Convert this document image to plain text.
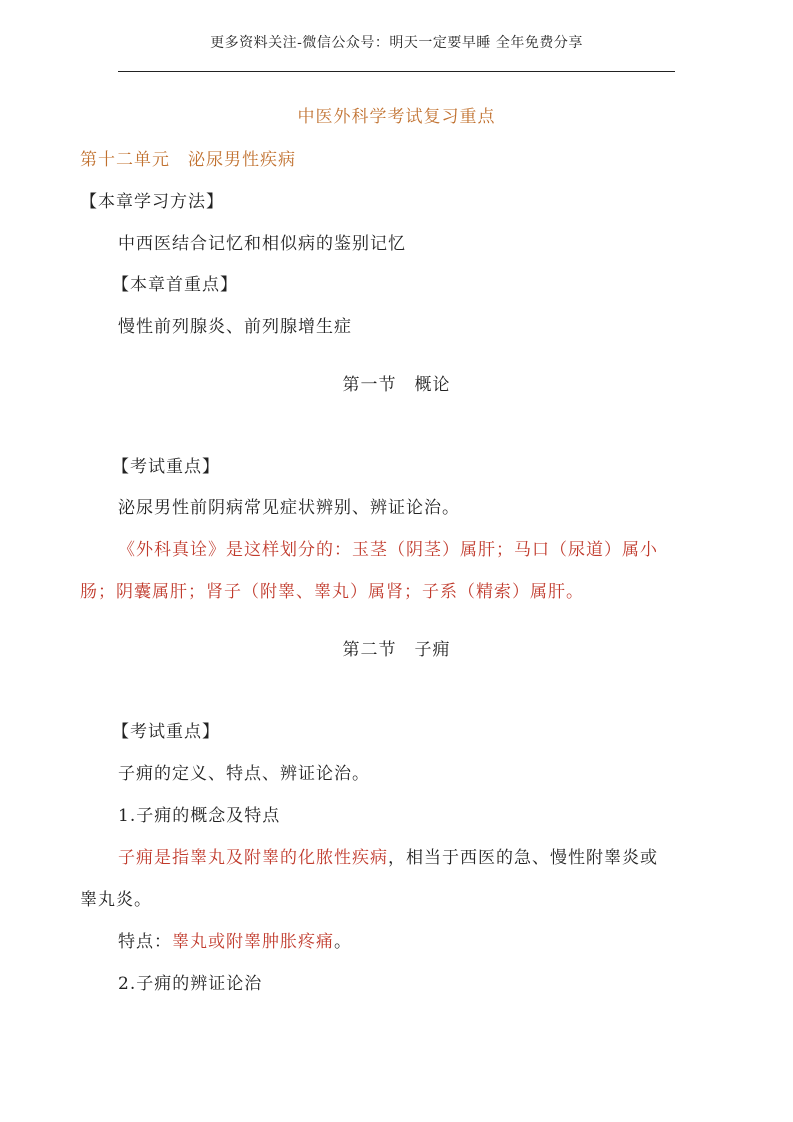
更多资料关注-微信公众号：明天一定要早睡 全年免费分享
中医外科学考试复习重点
第十二单元　泌尿男性疾病
【本章学习方法】
中西医结合记忆和相似病的鉴别记忆
【本章首重点】
慢性前列腺炎、前列腺增生症
第一节　概论
【考试重点】
泌尿男性前阴病常见症状辨别、辨证论治。
《外科真诠》是这样划分的：玉茎（阴茎）属肝；马口（尿道）属小
肠；阴囊属肝；肾子（附睾、睾丸）属肾；子系（精索）属肝。
第二节　子痈
【考试重点】
子痈的定义、特点、辨证论治。
1.子痈的概念及特点
子痈是指睾丸及附睾的化脓性疾病，相当于西医的急、慢性附睾炎或
睾丸炎。
特点：睾丸或附睾肿胀疼痛。
2.子痈的辨证论治
